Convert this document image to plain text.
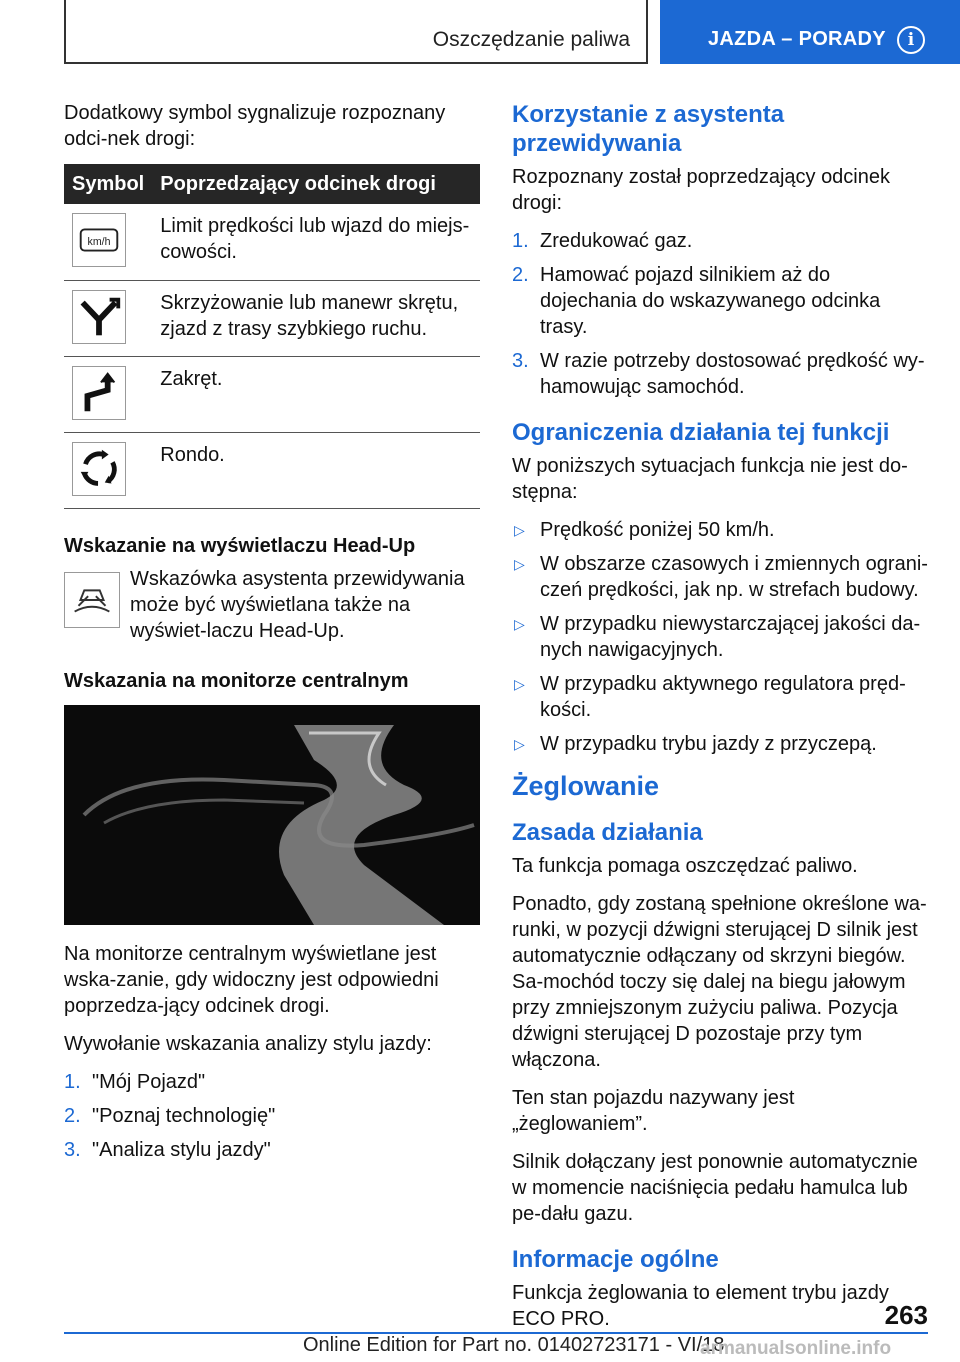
Oszczędzanie paliwa	JAZDA – PORADY	i

Dodatkowy symbol sygnalizuje rozpoznany odci-nek drogi:

Symbol	Poprzedzający odcinek drogi

km/h	Limit prędkości lub wjazd do miejs-cowości.

	Skrzyżowanie lub manewr skrętu, zjazd z trasy szybkiego ruchu.

	Zakręt.

	Rondo.
Wskazanie na wyświetlaczu Head-Up
Wskazówka asystenta przewidywania może być wyświetlana także na wyświet-laczu Head-Up.
Wskazania na monitorze centralnym

Na monitorze centralnym wyświetlane jest wska-zanie, gdy widoczny jest odpowiedni poprzedza-jący odcinek drogi.

Wywołanie wskazania analizy stylu jazdy:

1. "Mój Pojazd"
2. "Poznaj technologię"
3. "Analiza stylu jazdy"
Korzystanie z asystenta przewidywania

Rozpoznany został poprzedzający odcinek drogi:

1. Zredukować gaz.
2. Hamować pojazd silnikiem aż do dojechania do wskazywanego odcinka trasy.
3. W razie potrzeby dostosować prędkość wy-hamowując samochód.
Ograniczenia działania tej funkcji

W poniższych sytuacjach funkcja nie jest do-stępna:

▷ Prędkość poniżej 50 km/h.
▷ W obszarze czasowych i zmiennych ograni-czeń prędkości, jak np. w strefach budowy.
▷ W przypadku niewystarczającej jakości da-nych nawigacyjnych.
▷ W przypadku aktywnego regulatora pręd-kości.
▷ W przypadku trybu jazdy z przyczepą.
Żeglowanie
Zasada działania

Ta funkcja pomaga oszczędzać paliwo.

Ponadto, gdy zostaną spełnione określone wa-runki, w pozycji dźwigni sterującej D silnik jest automatycznie odłączany od skrzyni biegów. Sa-mochód toczy się dalej na biegu jałowym przy zmniejszonym zużyciu paliwa. Pozycja dźwigni sterującej D pozostaje przy tym włączona.

Ten stan pojazdu nazywany jest „żeglowaniem”.

Silnik dołączany jest ponownie automatycznie w momencie naciśnięcia pedału hamulca lub pe-dału gazu.

Informacje ogólne

Funkcja żeglowania to element trybu jazdy ECO PRO.	263
Online Edition for Part no. 01402723171 - VI/18
armanualsonline.info
